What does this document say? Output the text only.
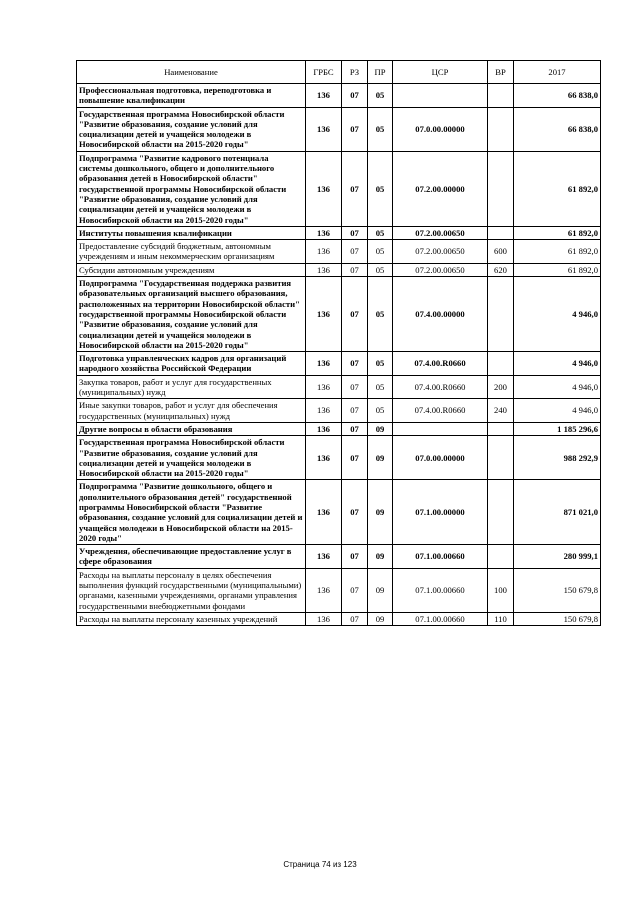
Наименование	ГРБС	РЗ	ПР	ЦСР	ВР	2017
Профессиональная подготовка, переподготовка и повышение квалификации	136	07	05			66 838,0
Государственная программа Новосибирской области "Развитие образования, создание условий для социализации детей и учащейся молодежи в Новосибирской области на 2015-2020 годы"	136	07	05	07.0.00.00000		66 838,0
Подпрограмма "Развитие кадрового потенциала системы дошкольного, общего и дополнительного образования детей в Новосибирской области" государственной программы Новосибирской области "Развитие образования, создание условий для социализации детей и учащейся молодежи в Новосибирской области на 2015-2020 годы"	136	07	05	07.2.00.00000		61 892,0
Институты повышения квалификации	136	07	05	07.2.00.00650		61 892,0
Предоставление субсидий бюджетным, автономным учреждениям и иным некоммерческим организациям	136	07	05	07.2.00.00650	600	61 892,0
Субсидии автономным учреждениям	136	07	05	07.2.00.00650	620	61 892,0
Подпрограмма "Государственная поддержка развития образовательных организаций высшего образования, расположенных на территории Новосибирской области" государственной программы Новосибирской области "Развитие образования, создание условий для социализации детей и учащейся молодежи в Новосибирской области на 2015-2020 годы"	136	07	05	07.4.00.00000		4 946,0
Подготовка управленческих кадров для организаций народного хозяйства Российской Федерации	136	07	05	07.4.00.R0660		4 946,0
Закупка товаров, работ и услуг для государственных (муниципальных) нужд	136	07	05	07.4.00.R0660	200	4 946,0
Иные закупки товаров, работ и услуг для обеспечения государственных (муниципальных) нужд	136	07	05	07.4.00.R0660	240	4 946,0
Другие вопросы в области образования	136	07	09			1 185 296,6
Государственная программа Новосибирской области "Развитие образования, создание условий для социализации детей и учащейся молодежи в Новосибирской области на 2015-2020 годы"	136	07	09	07.0.00.00000		988 292,9
Подпрограмма "Развитие дошкольного, общего и дополнительного образования детей" государственной программы Новосибирской области "Развитие образования, создание условий для социализации детей и учащейся молодежи в Новосибирской области на 2015-2020 годы"	136	07	09	07.1.00.00000		871 021,0
Учреждения, обеспечивающие предоставление услуг в сфере образования	136	07	09	07.1.00.00660		280 999,1
Расходы на выплаты персоналу в целях обеспечения выполнения функций государственными (муниципальными) органами, казенными учреждениями, органами управления государственными внебюджетными фондами	136	07	09	07.1.00.00660	100	150 679,8
Расходы на выплаты персоналу казенных учреждений	136	07	09	07.1.00.00660	110	150 679,8
Страница 74 из 123
